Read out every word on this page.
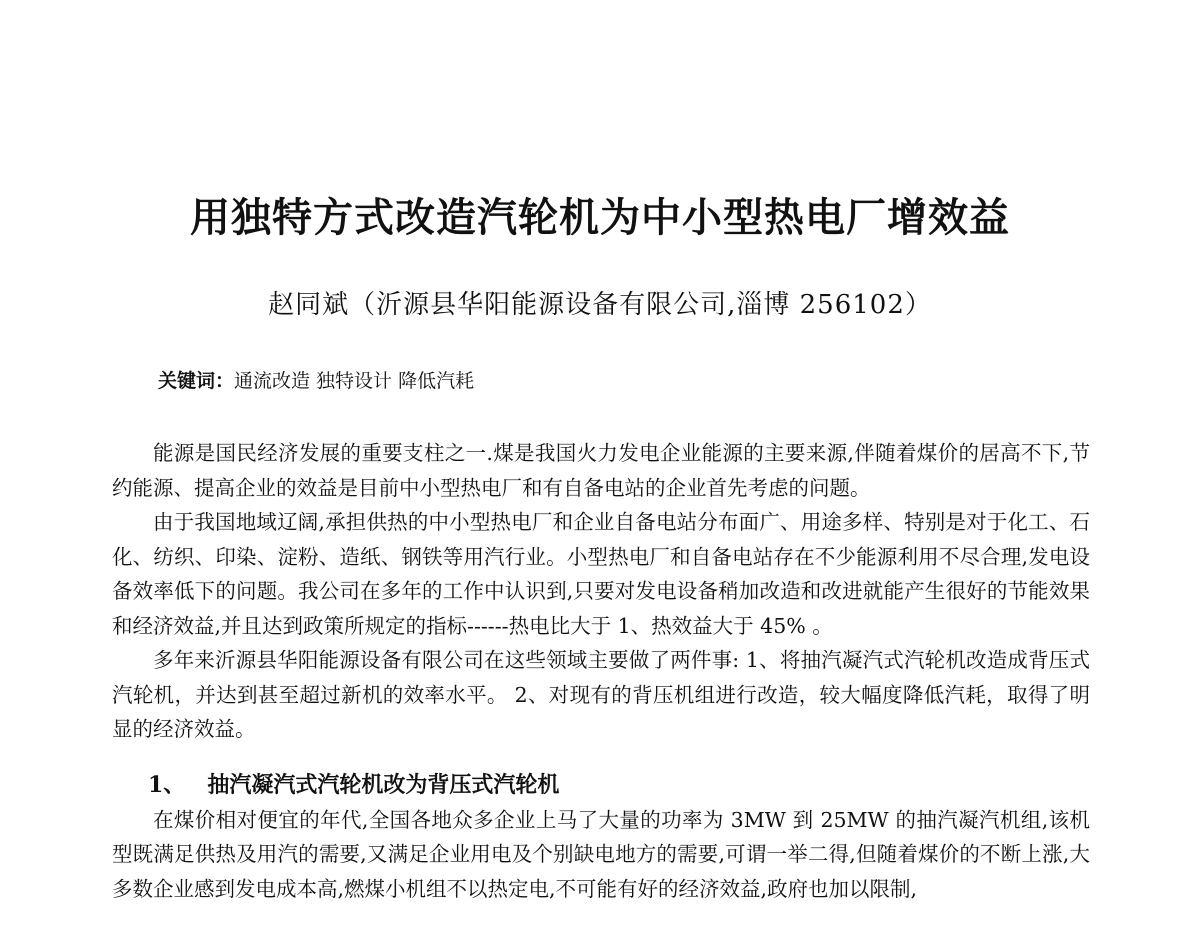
用独特方式改造汽轮机为中小型热电厂增效益
赵同斌（沂源县华阳能源设备有限公司,淄博 256102）
关键词：通流改造 独特设计 降低汽耗

能源是国民经济发展的重要支柱之一.煤是我国火力发电企业能源的主要来源,伴随着煤价的居高不下,节约能源、提高企业的效益是目前中小型热电厂和有自备电站的企业首先考虑的问题。

由于我国地域辽阔,承担供热的中小型热电厂和企业自备电站分布面广、用途多样、特别是对于化工、石化、纺织、印染、淀粉、造纸、钢铁等用汽行业。小型热电厂和自备电站存在不少能源利用不尽合理,发电设备效率低下的问题。我公司在多年的工作中认识到,只要对发电设备稍加改造和改进就能产生很好的节能效果和经济效益,并且达到政策所规定的指标------热电比大于 1、热效益大于 45% 。

多年来沂源县华阳能源设备有限公司在这些领域主要做了两件事: 1、将抽汽凝汽式汽轮机改造成背压式汽轮机，并达到甚至超过新机的效率水平。 2、对现有的背压机组进行改造，较大幅度降低汽耗，取得了明显的经济效益。

1、 抽汽凝汽式汽轮机改为背压式汽轮机

在煤价相对便宜的年代,全国各地众多企业上马了大量的功率为 3MW 到 25MW 的抽汽凝汽机组,该机型既满足供热及用汽的需要,又满足企业用电及个别缺电地方的需要,可谓一举二得,但随着煤价的不断上涨,大多数企业感到发电成本高,燃煤小机组不以热定电,不可能有好的经济效益,政府也加以限制,
